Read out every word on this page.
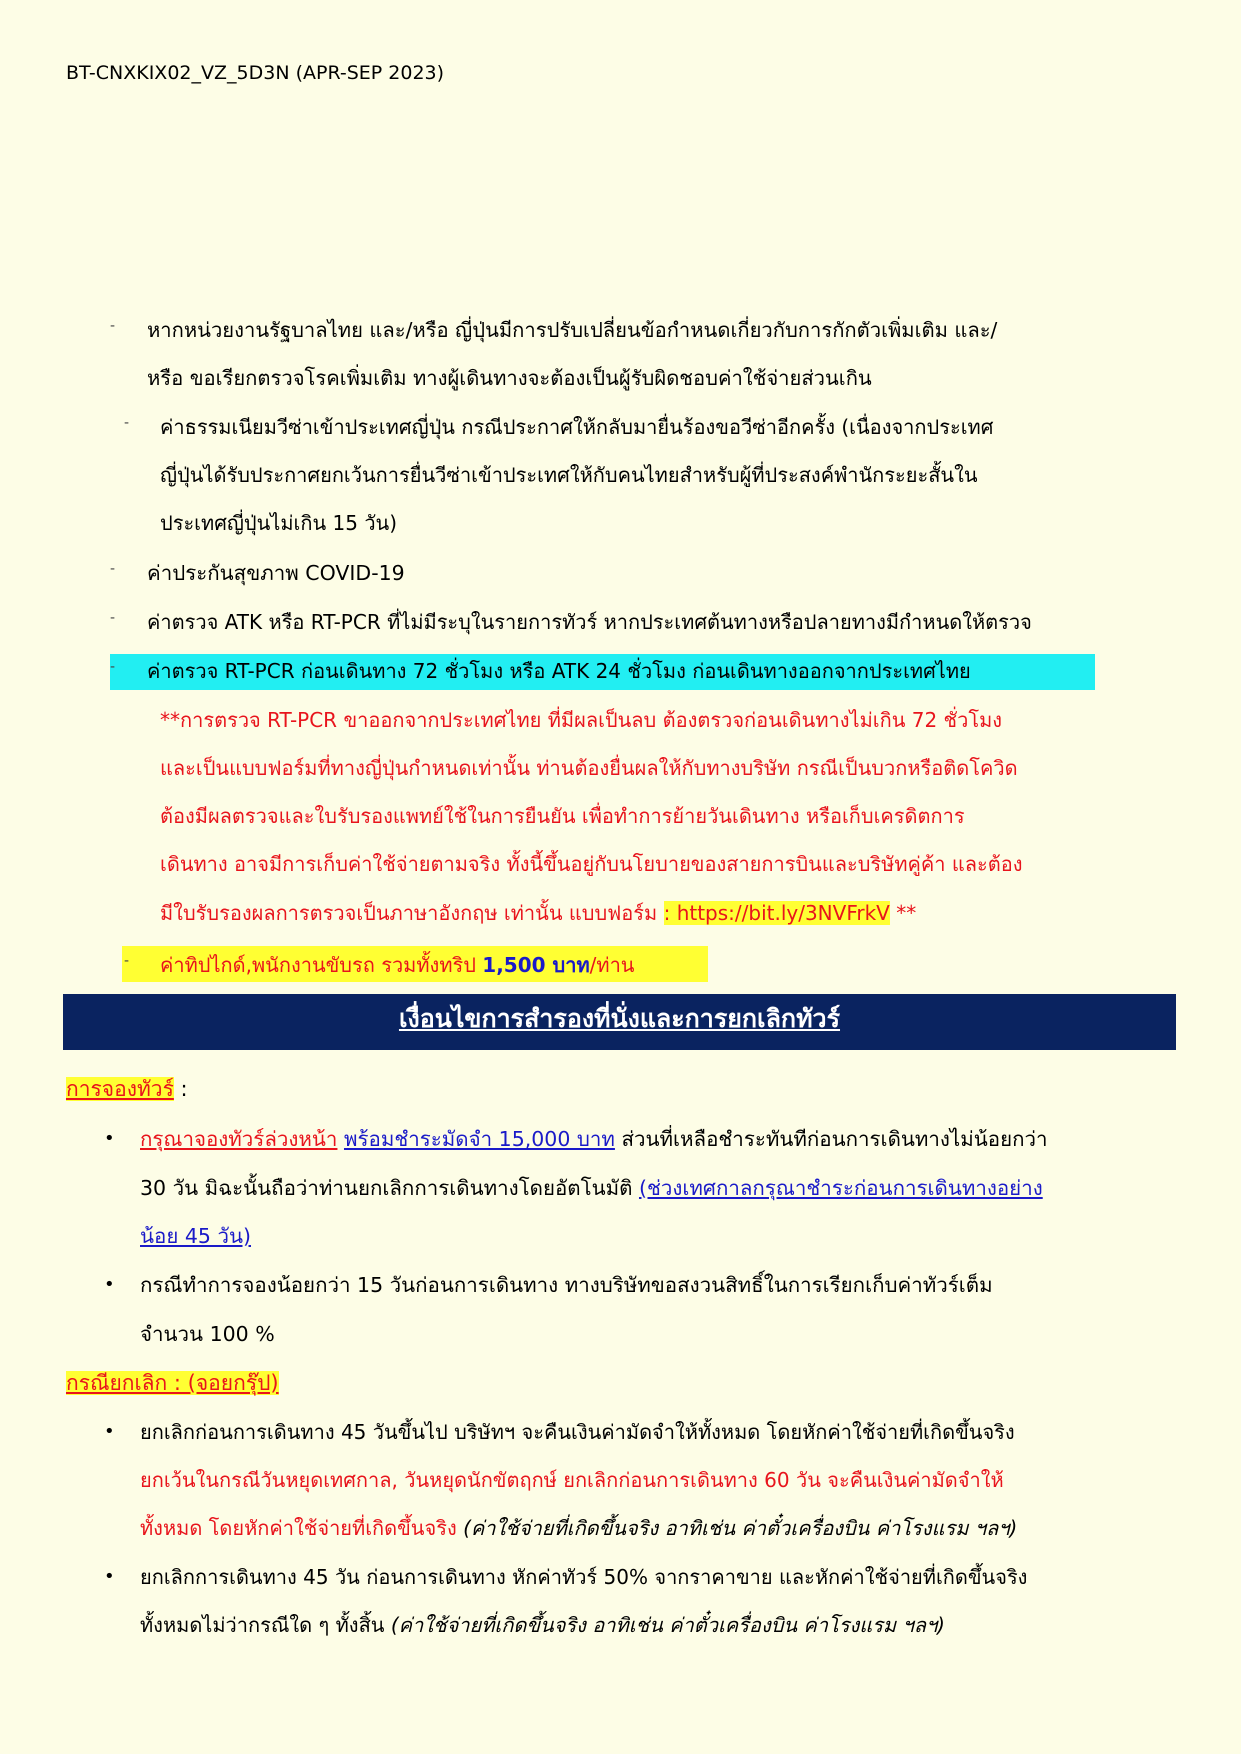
BT-CNXKIX02_VZ_5D3N (APR-SEP 2023)
- หากหน่วยงานรัฐบาลไทย และ/หรือ ญี่ปุ่นมีการปรับเปลี่ยนข้อกำหนดเกี่ยวกับการกักตัวเพิ่มเติม และ/
หรือ ขอเรียกตรวจโรคเพิ่มเติม ทางผู้เดินทางจะต้องเป็นผู้รับผิดชอบค่าใช้จ่ายส่วนเกิน
- ค่าธรรมเนียมวีซ่าเข้าประเทศญี่ปุ่น กรณีประกาศให้กลับมายื่นร้องขอวีซ่าอีกครั้ง (เนื่องจากประเทศ
ญี่ปุ่นได้รับประกาศยกเว้นการยื่นวีซ่าเข้าประเทศให้กับคนไทยสำหรับผู้ที่ประสงค์พำนักระยะสั้นใน
ประเทศญี่ปุ่นไม่เกิน 15 วัน)
- ค่าประกันสุขภาพ COVID-19
- ค่าตรวจ ATK หรือ RT-PCR ที่ไม่มีระบุในรายการทัวร์ หากประเทศต้นทางหรือปลายทางมีกำหนดให้ตรวจ
- ค่าตรวจ RT-PCR ก่อนเดินทาง 72 ชั่วโมง หรือ ATK 24 ชั่วโมง ก่อนเดินทางออกจากประเทศไทย
**การตรวจ RT-PCR ขาออกจากประเทศไทย ที่มีผลเป็นลบ ต้องตรวจก่อนเดินทางไม่เกิน 72 ชั่วโมง
และเป็นแบบฟอร์มที่ทางญี่ปุ่นกำหนดเท่านั้น ท่านต้องยื่นผลให้กับทางบริษัท กรณีเป็นบวกหรือติดโควิด
ต้องมีผลตรวจและใบรับรองแพทย์ใช้ในการยืนยัน เพื่อทำการย้ายวันเดินทาง หรือเก็บเครดิตการ
เดินทาง อาจมีการเก็บค่าใช้จ่ายตามจริง ทั้งนี้ขึ้นอยู่กับนโยบายของสายการบินและบริษัทคู่ค้า และต้อง
มีใบรับรองผลการตรวจเป็นภาษาอังกฤษ เท่านั้น แบบฟอร์ม : https://bit.ly/3NVFrkV **
- ค่าทิปไกด์,พนักงานขับรถ รวมทั้งทริป 1,500 บาท/ท่าน
เงื่อนไขการสำรองที่นั่งและการยกเลิกทัวร์
การจองทัวร์ :
• กรุณาจองทัวร์ล่วงหน้า พร้อมชำระมัดจำ 15,000 บาท ส่วนที่เหลือชำระทันทีก่อนการเดินทางไม่น้อยกว่า
30 วัน มิฉะนั้นถือว่าท่านยกเลิกการเดินทางโดยอัตโนมัติ (ช่วงเทศกาลกรุณาชำระก่อนการเดินทางอย่าง
น้อย 45 วัน)
• กรณีทำการจองน้อยกว่า 15 วันก่อนการเดินทาง ทางบริษัทขอสงวนสิทธิ์ในการเรียกเก็บค่าทัวร์เต็ม
จำนวน 100 %
กรณียกเลิก : (จอยกรุ๊ป)
• ยกเลิกก่อนการเดินทาง 45 วันขึ้นไป บริษัทฯ จะคืนเงินค่ามัดจำให้ทั้งหมด โดยหักค่าใช้จ่ายที่เกิดขึ้นจริง
ยกเว้นในกรณีวันหยุดเทศกาล, วันหยุดนักขัตฤกษ์ ยกเลิกก่อนการเดินทาง 60 วัน จะคืนเงินค่ามัดจำให้
ทั้งหมด โดยหักค่าใช้จ่ายที่เกิดขึ้นจริง (ค่าใช้จ่ายที่เกิดขึ้นจริง อาทิเช่น ค่าตั๋วเครื่องบิน ค่าโรงแรม ฯลฯ)
• ยกเลิกการเดินทาง 45 วัน ก่อนการเดินทาง หักค่าทัวร์ 50% จากราคาขาย และหักค่าใช้จ่ายที่เกิดขึ้นจริง
ทั้งหมดไม่ว่ากรณีใด ๆ ทั้งสิ้น (ค่าใช้จ่ายที่เกิดขึ้นจริง อาทิเช่น ค่าตั๋วเครื่องบิน ค่าโรงแรม ฯลฯ)
